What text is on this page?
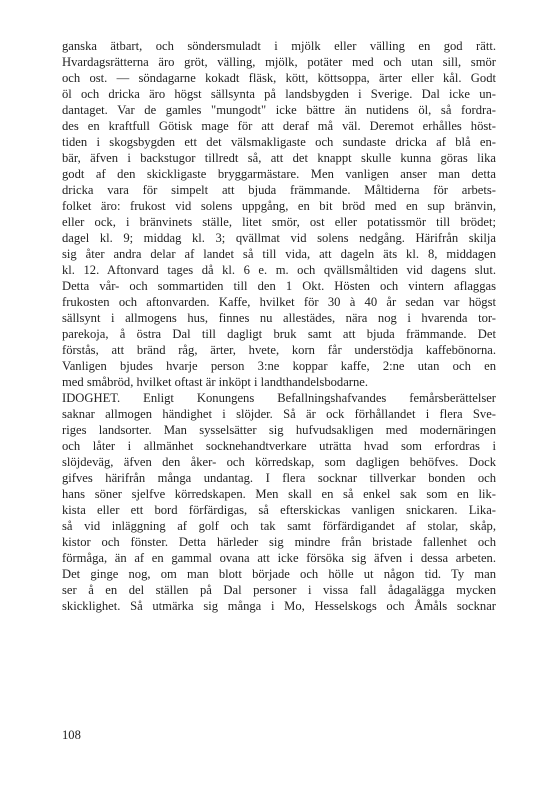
ganska ätbart, och söndersmuladt i mjölk eller välling en god rätt.
Hvardagsrätterna äro gröt, välling, mjölk, potäter med och utan sill, smör
och ost. — söndagarne kokadt fläsk, kött, köttsoppa, ärter eller kål. Godt
öl och dricka äro högst sällsynta på landsbygden i Sverige. Dal icke un-
dantaget. Var de gamles "mungodt" icke bättre än nutidens öl, så fordra-
des en kraftfull Götisk mage för att deraf må väl. Deremot erhålles höst-
tiden i skogsbygden ett det välsmakligaste och sundaste dricka af blå en-
bär, äfven i backstugor tillredt så, att det knappt skulle kunna göras lika
godt af den skickligaste bryggarmästare. Men vanligen anser man detta
dricka vara för simpelt att bjuda främmande. Måltiderna för arbets-
folket äro: frukost vid solens uppgång, en bit bröd med en sup bränvin,
eller ock, i bränvinets ställe, litet smör, ost eller potatissmör till brödet;
dagel kl. 9; middag kl. 3; qvällmat vid solens nedgång. Härifrån skilja
sig åter andra delar af landet så till vida, att dageln äts kl. 8, middagen
kl. 12. Aftonvard tages då kl. 6 e. m. och qvällsmåltiden vid dagens slut.
Detta vår- och sommartiden till den 1 Okt. Hösten och vintern aflaggas
frukosten och aftonvarden. Kaffe, hvilket för 30 à 40 år sedan var högst
sällsynt i allmogens hus, finnes nu allestädes, nära nog i hvarenda tor-
parekoja, å östra Dal till dagligt bruk samt att bjuda främmande. Det
förstås, att bränd råg, ärter, hvete, korn får understödja kaffebönorna.
Vanligen bjudes hvarje person 3:ne koppar kaffe, 2:ne utan och en
med småbröd, hvilket oftast är inköpt i landthandelsbodarne.
IDOGHET. Enligt Konungens Befallningshafvandes femårsberättelser
saknar allmogen händighet i slöjder. Så är ock förhållandet i flera Sve-
riges landsorter. Man sysselsätter sig hufvudsakligen med modernäringen
och låter i allmänhet socknehandtverkare uträtta hvad som erfordras i
slöjdeväg, äfven den åker- och körredskap, som dagligen behöfves. Dock
gifves härifrån många undantag. I flera socknar tillverkar bonden och
hans söner sjelfve körredskapen. Men skall en så enkel sak som en lik-
kista eller ett bord förfärdigas, så efterskickas vanligen snickaren. Lika-
så vid inläggning af golf och tak samt förfärdigandet af stolar, skåp,
kistor och fönster. Detta härleder sig mindre från bristade fallenhet och
förmåga, än af en gammal ovana att icke försöka sig äfven i dessa arbeten.
Det ginge nog, om man blott började och hölle ut någon tid. Ty man
ser å en del ställen på Dal personer i vissa fall ådagaläggа mycken
skicklighet. Så utmärka sig många i Mo, Hesselskogs och Åmåls socknar
108
